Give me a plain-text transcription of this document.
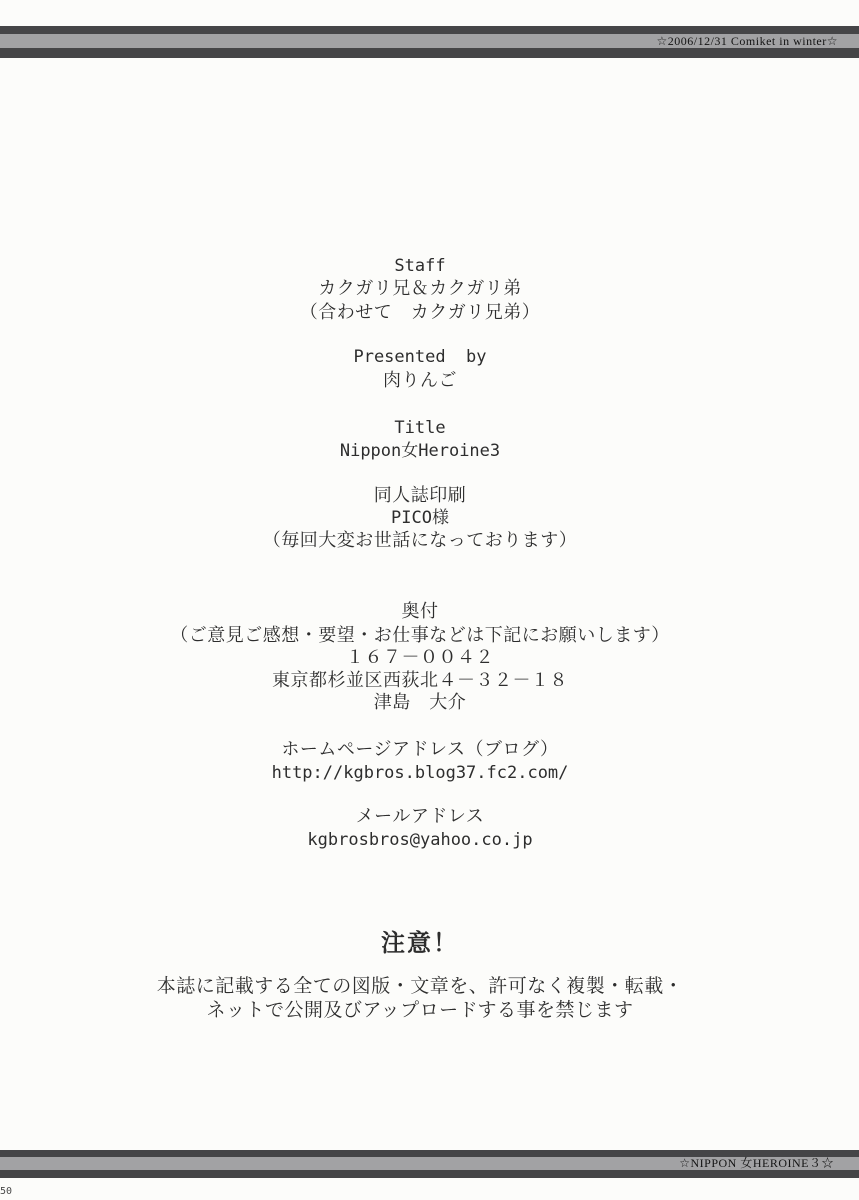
☆2006/12/31 Comiket in winter☆
Staff
カクガリ兄＆カクガリ弟
（合わせて　カクガリ兄弟）
Presented  by
肉りんご
Title
Nippon女Heroine3
同人誌印刷
PICO様
（毎回大変お世話になっております）
奥付
（ご意見ご感想・要望・お仕事などは下記にお願いします）
１６７－００４２
東京都杉並区西荻北４－３２－１８
津島　大介
ホームページアドレス（ブログ）
http://kgbros.blog37.fc2.com/
メールアドレス
kgbrosbros@yahoo.co.jp
注意！
本誌に記載する全ての図版・文章を、許可なく複製・転載・
ネットで公開及びアップロードする事を禁じます
☆NIPPON 女HEROINE３☆
50
